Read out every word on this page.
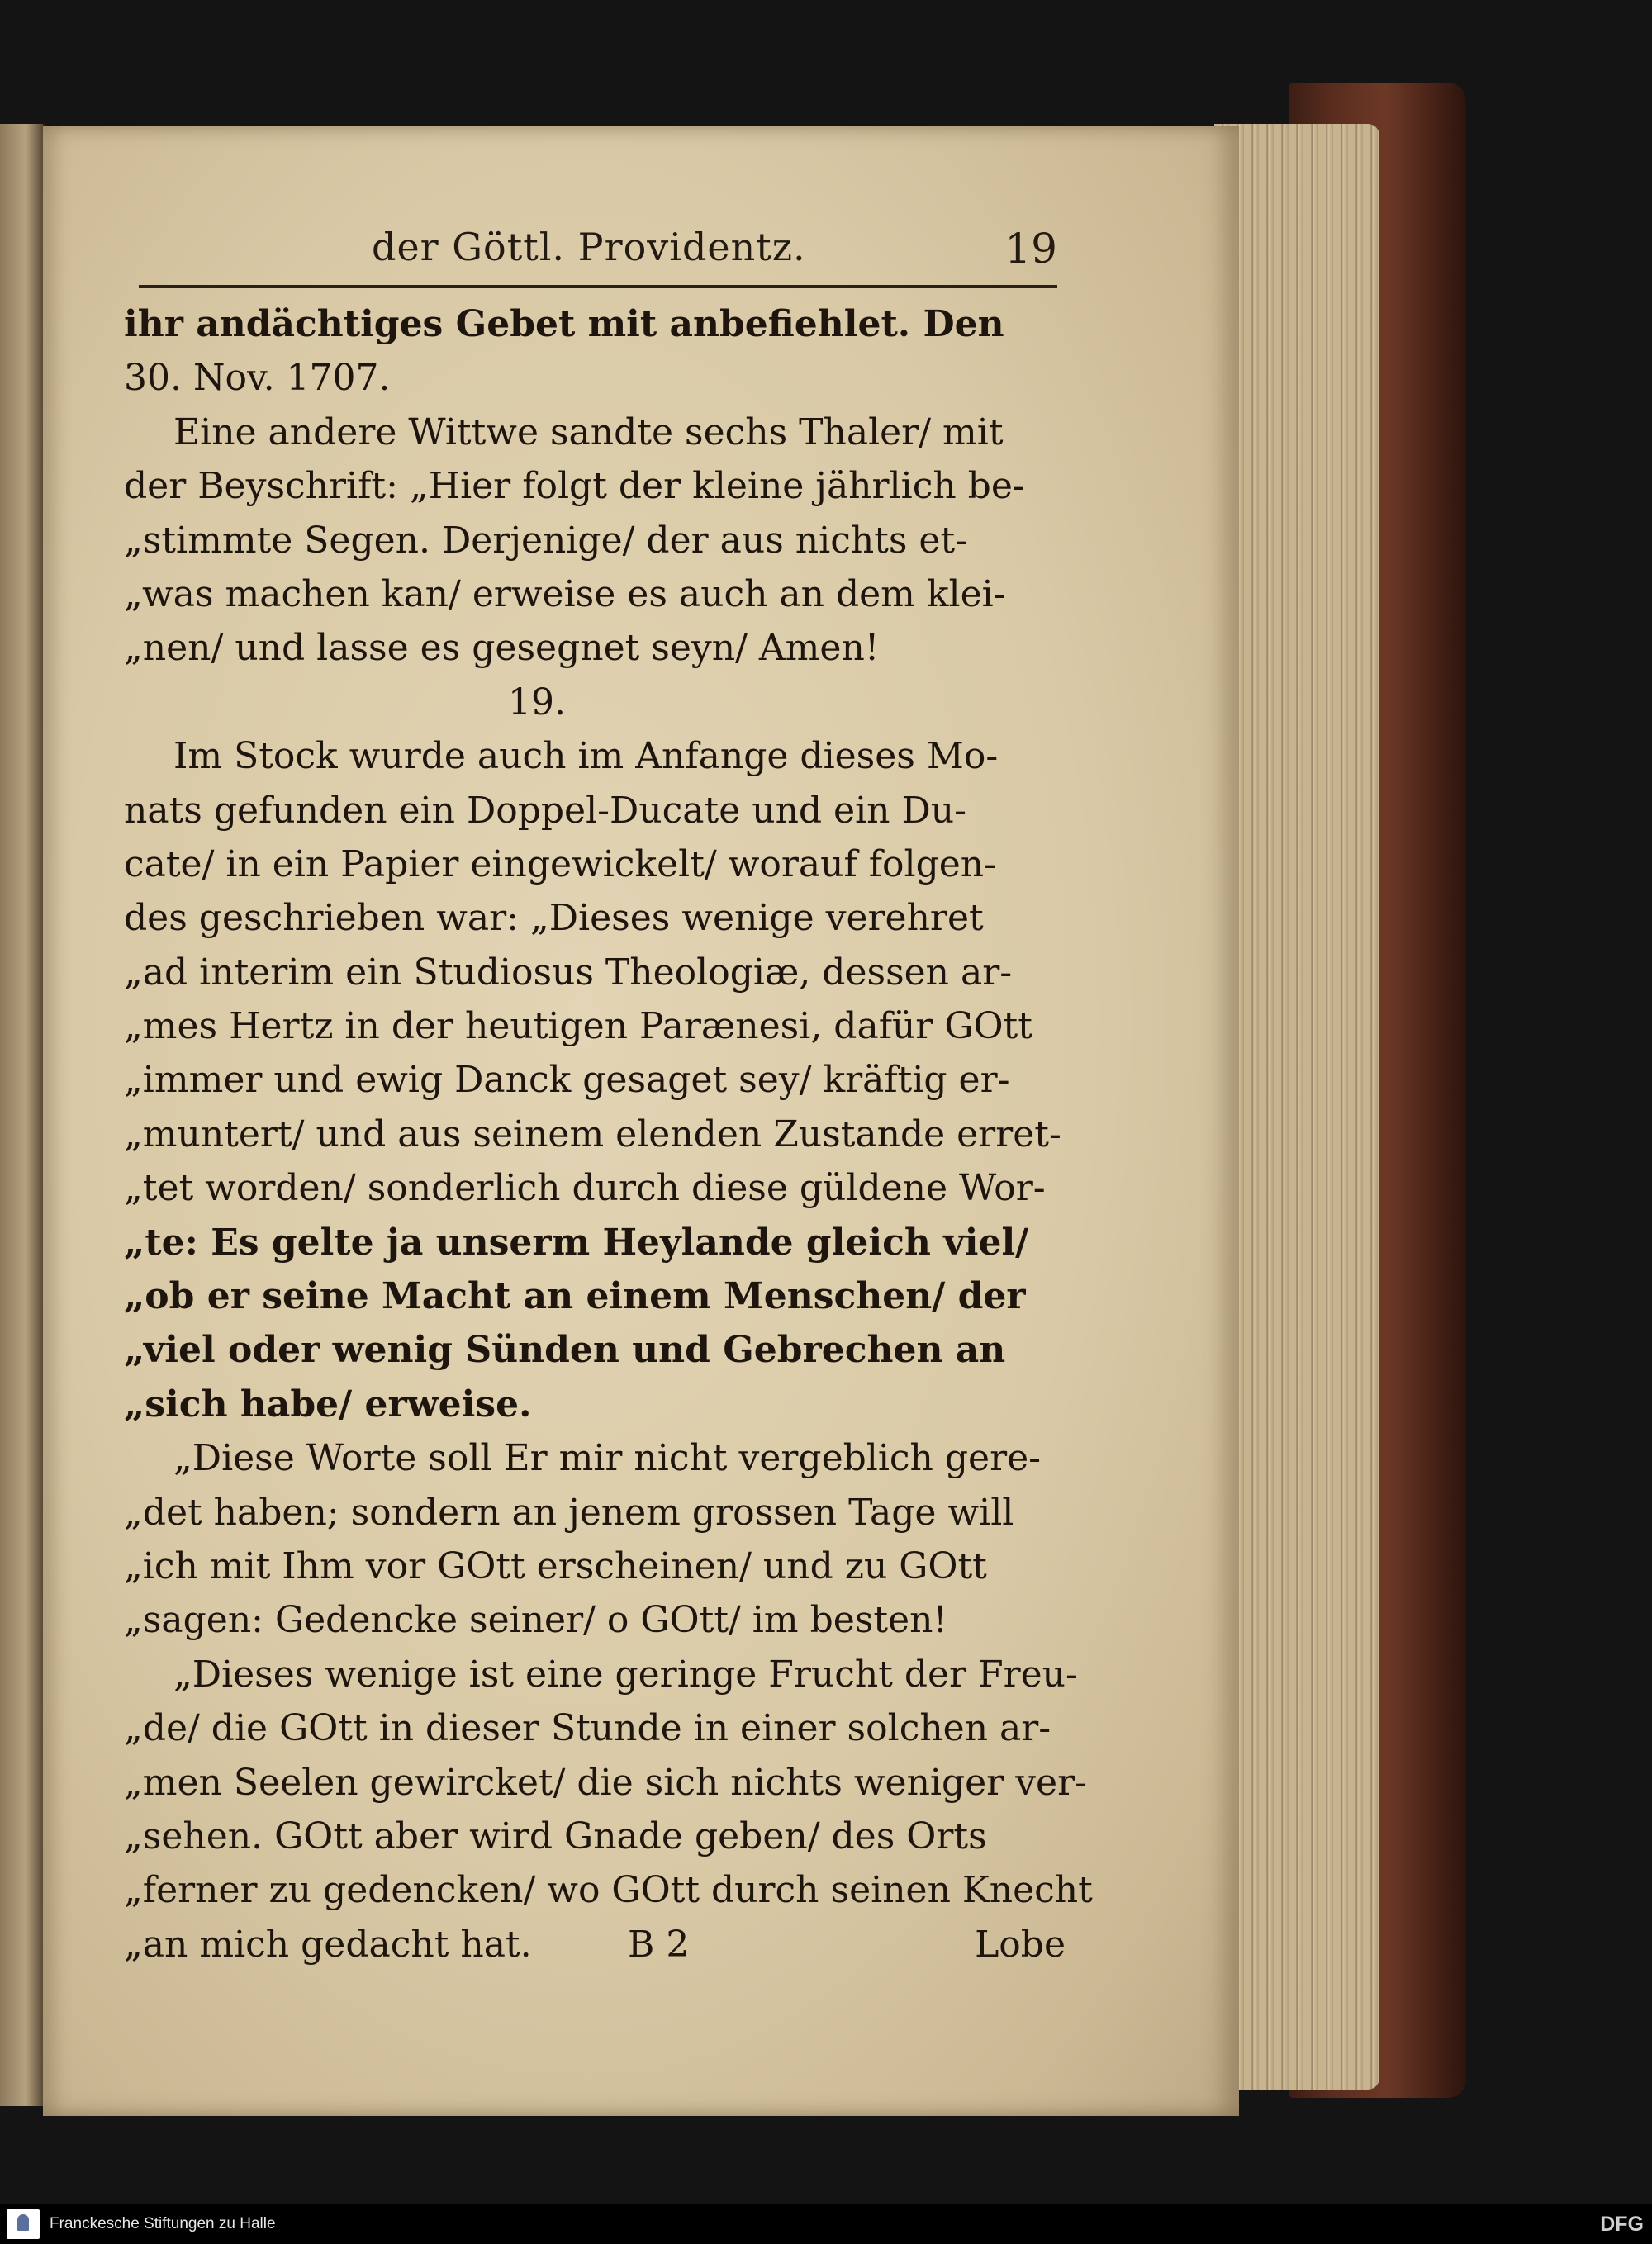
der Göttl. Providentz.	19
ihr andächtiges Gebet mit anbefiehlet. Den
30. Nov. 1707.
Eine andere Wittwe sandte sechs Thaler/ mit
der Beyschrift: „Hier folgt der kleine jährlich be-
„stimmte Segen. Derjenige/ der aus nichts et-
„was machen kan/ erweise es auch an dem klei-
„nen/ und lasse es gesegnet seyn/ Amen!
19.
Im Stock wurde auch im Anfange dieses Mo-
nats gefunden ein Doppel-Ducate und ein Du-
cate/ in ein Papier eingewickelt/ worauf folgen-
des geschrieben war: „Dieses wenige verehret
„ad interim ein Studiosus Theologiæ, dessen ar-
„mes Hertz in der heutigen Parænesi, dafür GOtt
„immer und ewig Danck gesaget sey/ kräftig er-
„muntert/ und aus seinem elenden Zustande erret-
„tet worden/ sonderlich durch diese güldene Wor-
„te: Es gelte ja unserm Heylande gleich viel/
„ob er seine Macht an einem Menschen/ der
„viel oder wenig Sünden und Gebrechen an
„sich habe/ erweise.
„Diese Worte soll Er mir nicht vergeblich gere-
„det haben; sondern an jenem grossen Tage will
„ich mit Ihm vor GOtt erscheinen/ und zu GOtt
„sagen: Gedencke seiner/ o GOtt/ im besten!
„Dieses wenige ist eine geringe Frucht der Freu-
„de/ die GOtt in dieser Stunde in einer solchen ar-
„men Seelen gewircket/ die sich nichts weniger ver-
„sehen. GOtt aber wird Gnade geben/ des Orts
„ferner zu gedencken/ wo GOtt durch seinen Knecht
„an mich gedacht hat.	B 2	Lobe
Franckesche Stiftungen zu Halle	DFG
